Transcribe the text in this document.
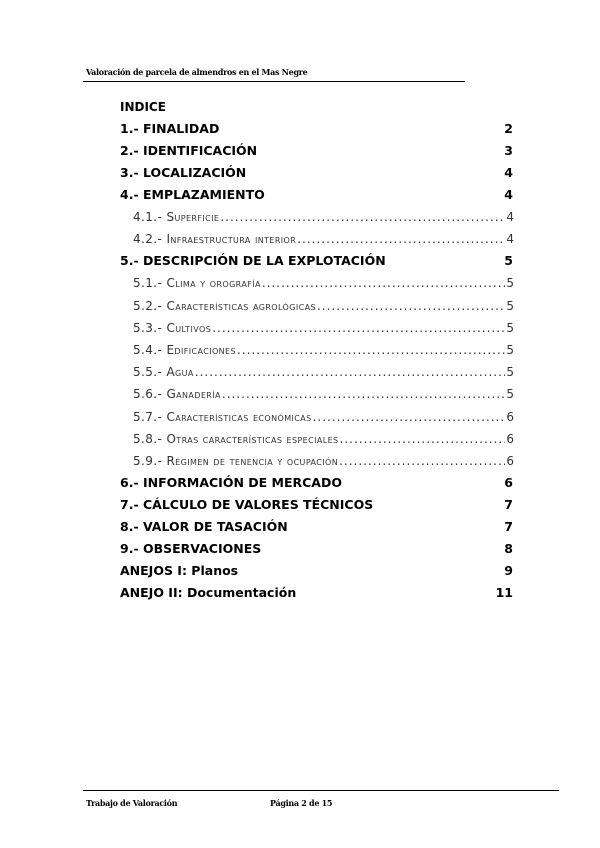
Valoración de parcela de almendros en el Mas Negre
INDICE
1.- FINALIDAD	2
2.- IDENTIFICACIÓN	3
3.- LOCALIZACIÓN	4
4.- EMPLAZAMIENTO	4
4.1.- Superficie .....	4
4.2.- Infraestructura interior .....	4
5.- DESCRIPCIÓN DE LA EXPLOTACIÓN	5
5.1.- Clima y orografía .....	5
5.2.- Características agrológicas .....	5
5.3.- Cultivos .....	5
5.4.- Edificaciones .....	5
5.5.- Agua .....	5
5.6.- Ganadería .....	5
5.7.- Características económicas .....	6
5.8.- Otras características especiales .....	6
5.9.- Régimen de tenencia y ocupación .....	6
6.- INFORMACIÓN DE MERCADO	6
7.- CÁLCULO DE VALORES TÉCNICOS	7
8.- VALOR DE TASACIÓN	7
9.- OBSERVACIONES	8
ANEJOS I: Planos	9
ANEJO II: Documentación	11
Trabajo de Valoración	Página 2 de 15
